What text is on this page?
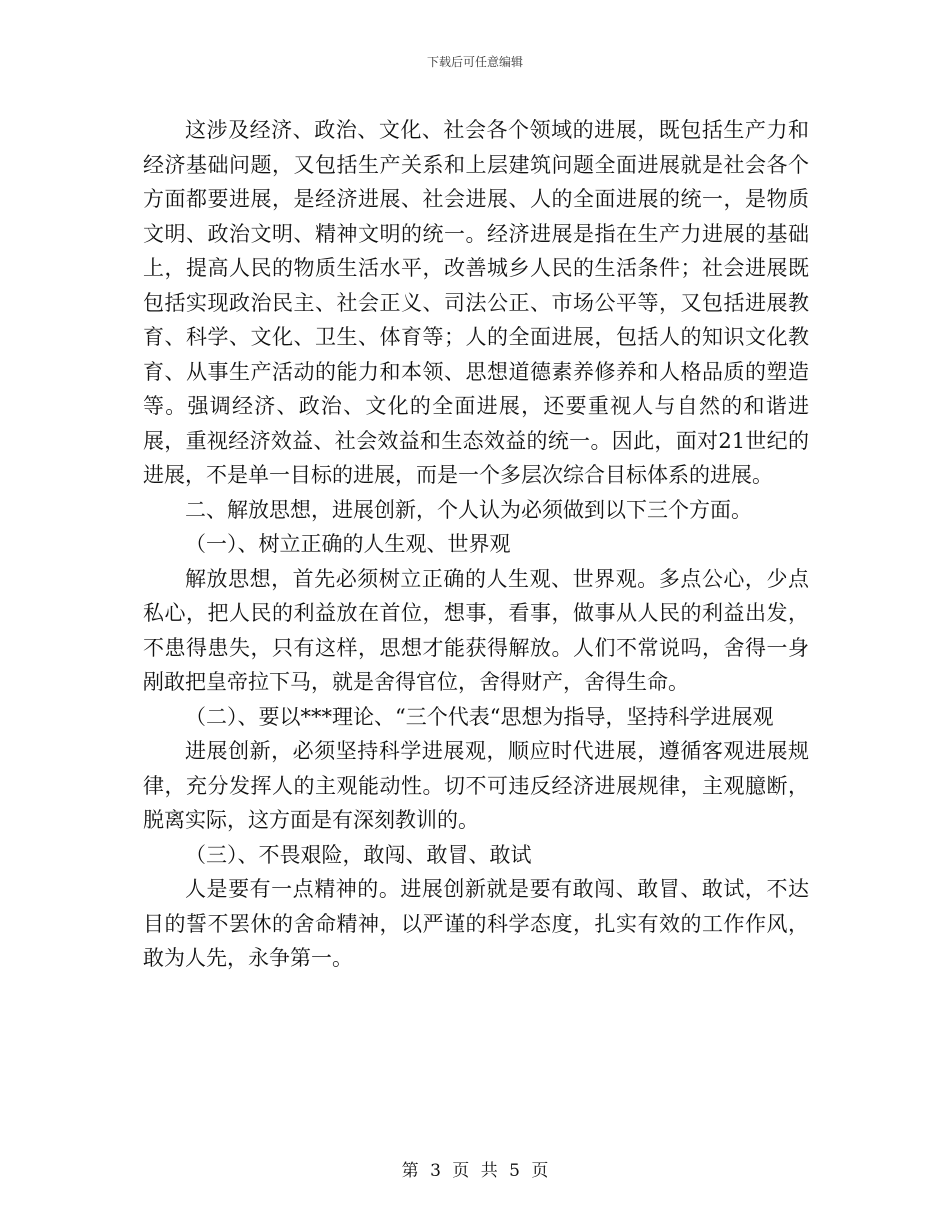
下载后可任意编辑

这涉及经济、政治、文化、社会各个领域的进展，既包括生产力和经济基础问题，又包括生产关系和上层建筑问题全面进展就是社会各个方面都要进展，是经济进展、社会进展、人的全面进展的统一，是物质文明、政治文明、精神文明的统一。经济进展是指在生产力进展的基础上，提高人民的物质生活水平，改善城乡人民的生活条件；社会进展既包括实现政治民主、社会正义、司法公正、市场公平等，又包括进展教育、科学、文化、卫生、体育等；人的全面进展，包括人的知识文化教育、从事生产活动的能力和本领、思想道德素养修养和人格品质的塑造等。强调经济、政治、文化的全面进展，还要重视人与自然的和谐进展，重视经济效益、社会效益和生态效益的统一。因此，面对21世纪的进展，不是单一目标的进展，而是一个多层次综合目标体系的进展。

二、解放思想，进展创新，个人认为必须做到以下三个方面。

（一）、树立正确的人生观、世界观

解放思想，首先必须树立正确的人生观、世界观。多点公心，少点私心，把人民的利益放在首位，想事，看事，做事从人民的利益出发，不患得患失，只有这样，思想才能获得解放。人们不常说吗，舍得一身剐敢把皇帝拉下马，就是舍得官位，舍得财产，舍得生命。

（二）、要以***理论、“三个代表“思想为指导，坚持科学进展观

进展创新，必须坚持科学进展观，顺应时代进展，遵循客观进展规律，充分发挥人的主观能动性。切不可违反经济进展规律，主观臆断，脱离实际，这方面是有深刻教训的。

（三）、不畏艰险，敢闯、敢冒、敢试

人是要有一点精神的。进展创新就是要有敢闯、敢冒、敢试，不达目的誓不罢休的舍命精神，以严谨的科学态度，扎实有效的工作作风，敢为人先，永争第一。

第 3 页 共 5 页
